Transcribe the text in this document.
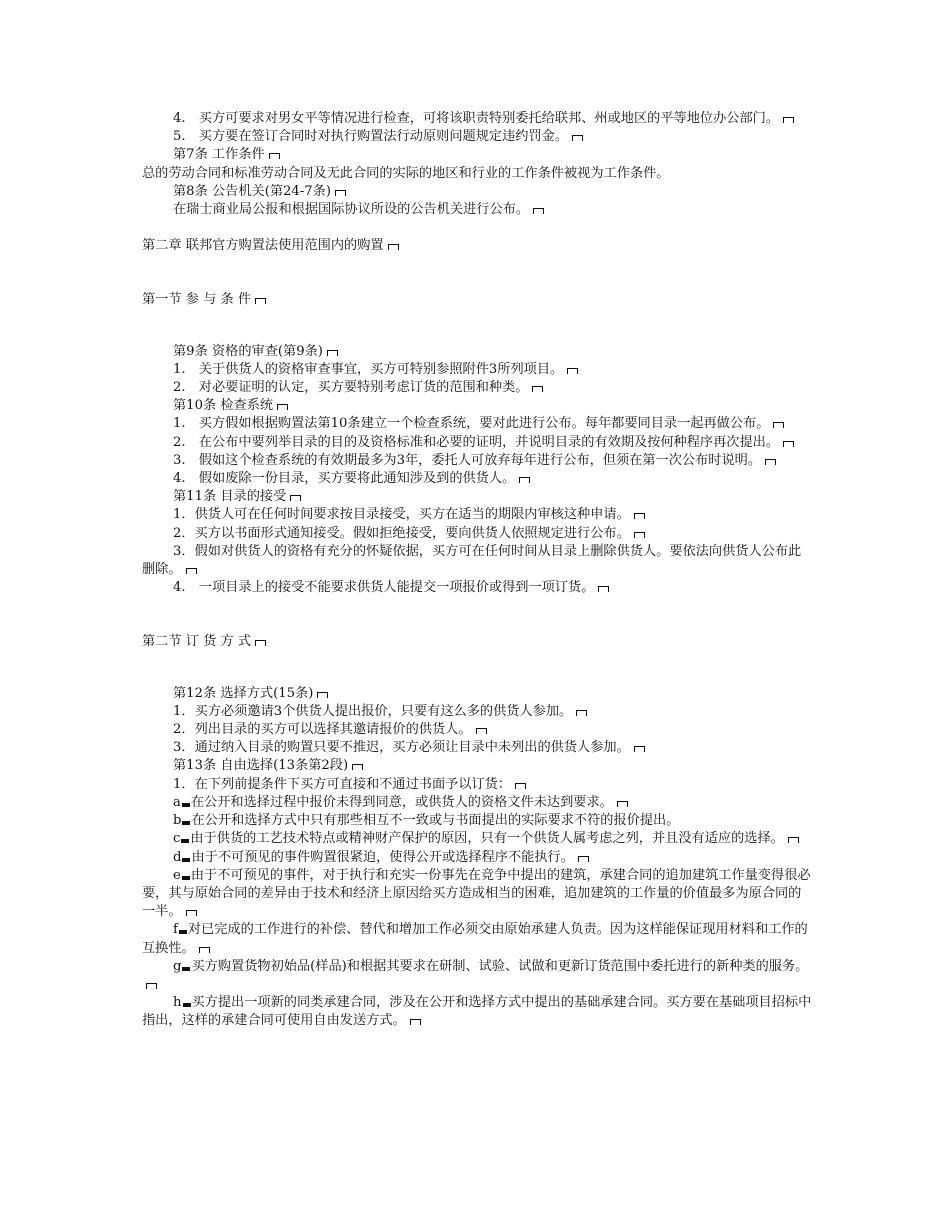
4.　买方可要求对男女平等情况进行检查，可将该职责特别委托给联邦、州或地区的平等地位办公部门。
5.　买方要在签订合同时对执行购置法行动原则问题规定违约罚金。
第7条 工作条件
总的劳动合同和标准劳动合同及无此合同的实际的地区和行业的工作条件被视为工作条件。
第8条 公告机关(第24-7条)
在瑞士商业局公报和根据国际协议所设的公告机关进行公布。
第二章 联邦官方购置法使用范围内的购置
第一节 参 与 条 件
第9条 资格的审查(第9条)
1.　关于供货人的资格审查事宜，买方可特别参照附件3所列项目。
2.　对必要证明的认定，买方要特别考虑订货的范围和种类。
第10条 检查系统
1.　买方假如根据购置法第10条建立一个检查系统，要对此进行公布。每年都要同目录一起再做公布。
2.　在公布中要列举目录的目的及资格标准和必要的证明，并说明目录的有效期及按何种程序再次提出。
3.　假如这个检查系统的有效期最多为3年，委托人可放弃每年进行公布，但须在第一次公布时说明。
4.　假如废除一份目录，买方要将此通知涉及到的供货人。
第11条 目录的接受
1．供货人可在任何时间要求按目录接受，买方在适当的期限内审核这种申请。
2．买方以书面形式通知接受。假如拒绝接受，要向供货人依照规定进行公布。
3．假如对供货人的资格有充分的怀疑依据，买方可在任何时间从目录上删除供货人。要依法向供货人公布此删除。
4.　一项目录上的接受不能要求供货人能提交一项报价或得到一项订货。
第二节 订 货 方 式
第12条 选择方式(15条)
1．买方必须邀请3个供货人提出报价，只要有这么多的供货人参加。
2．列出目录的买方可以选择其邀请报价的供货人。
3．通过纳入目录的购置只要不推迟，买方必须让目录中未列出的供货人参加。
第13条 自由选择(13条第2段)
1．在下列前提条件下买方可直接和不通过书面予以订货：
a 在公开和选择过程中报价未得到同意，或供货人的资格文件未达到要求。
b 在公开和选择方式中只有那些相互不一致或与书面提出的实际要求不符的报价提出。
c 由于供货的工艺技术特点或精神财产保护的原因，只有一个供货人属考虑之列，并且没有适应的选择。
d 由于不可预见的事件购置很紧迫，使得公开或选择程序不能执行。
e 由于不可预见的事件，对于执行和充实一份事先在竞争中提出的建筑，承建合同的追加建筑工作量变得很必要，其与原始合同的差异由于技术和经济上原因给买方造成相当的困难，追加建筑的工作量的价值最多为原合同的一半。
f 对已完成的工作进行的补偿、替代和增加工作必须交由原始承建人负责。因为这样能保证现用材料和工作的互换性。
g 买方购置货物初始品(样品)和根据其要求在研制、试验、试做和更新订货范围中委托进行的新种类的服务。
h 买方提出一项新的同类承建合同，涉及在公开和选择方式中提出的基础承建合同。买方要在基础项目招标中指出，这样的承建合同可使用自由发送方式。
